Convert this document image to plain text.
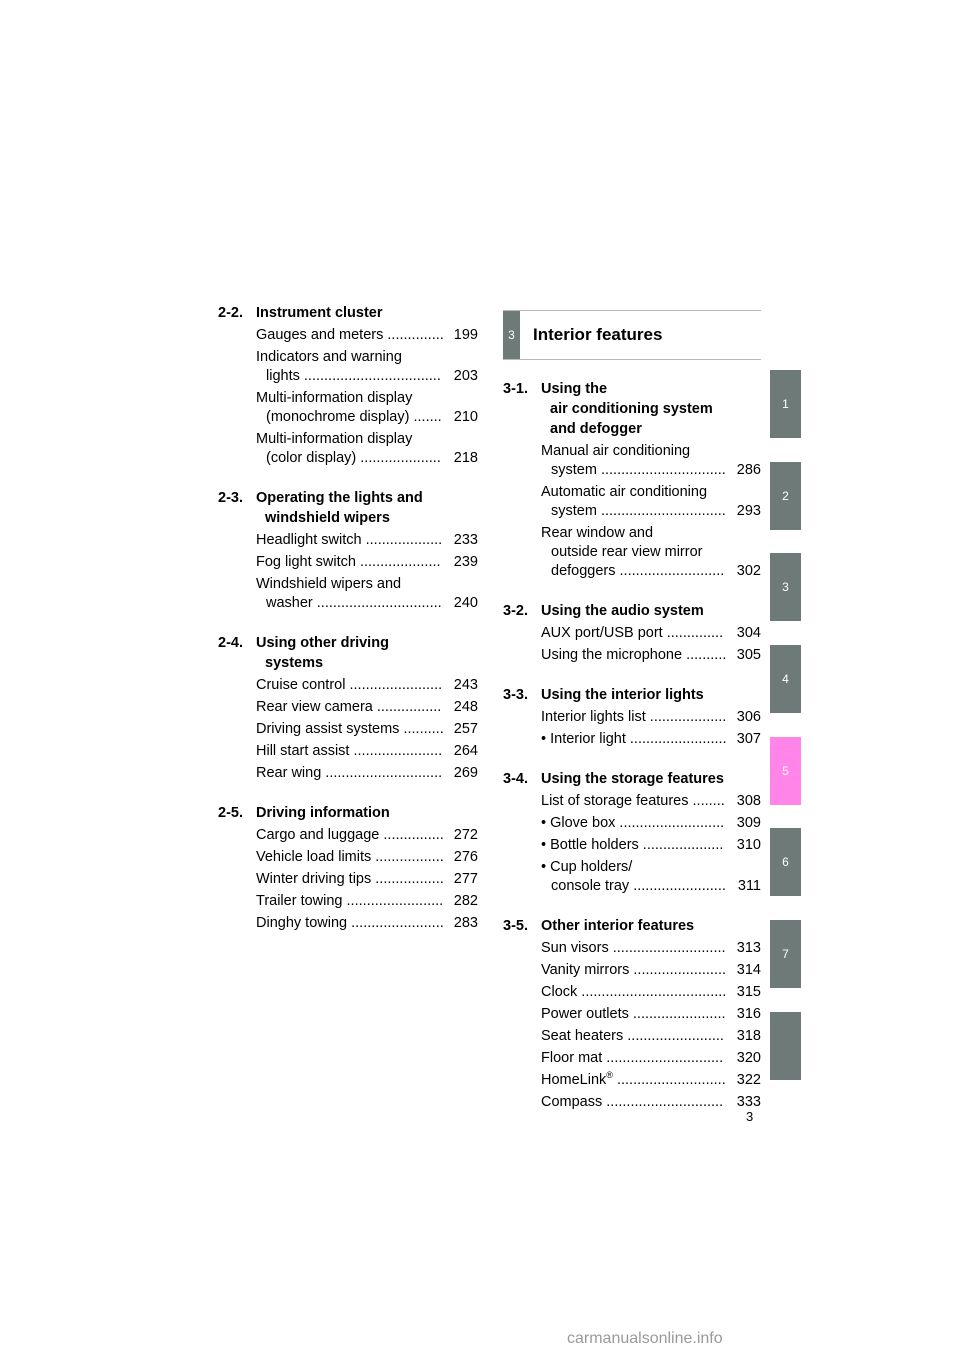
2-2. Instrument cluster
Gauges and meters .............. 199
Indicators and warning

lights .................................. 203
Multi-information display

(monochrome display) ....... 210
Multi-information display

(color display) .................... 218
2-3. Operating the lights and
windshield wipers
Headlight switch ................... 233
Fog light switch .................... 239
Windshield wipers and

washer ............................... 240
2-4. Using other driving
systems
Cruise control ....................... 243
Rear view camera ................ 248
Driving assist systems .......... 257
Hill start assist ...................... 264
Rear wing ............................. 269
2-5. Driving information
Cargo and luggage ............... 272
Vehicle load limits ................. 276
Winter driving tips ................. 277
Trailer towing ........................ 282
Dinghy towing ....................... 283
3	Interior features
3-1. Using the
air conditioning system
and defogger
Manual air conditioning

system ............................... 286
Automatic air conditioning

system ............................... 293
Rear window and

outside rear view mirror
defoggers .......................... 302
3-2. Using the audio system
AUX port/USB port .............. 304
Using the microphone .......... 305
3-3. Using the interior lights
Interior lights list ................... 306
• Interior light ........................ 307
3-4. Using the storage features
List of storage features ........ 308
• Glove box .......................... 309
• Bottle holders .................... 310
• Cup holders/

console tray ....................... 311
3-5. Other interior features
Sun visors ............................ 313
Vanity mirrors ....................... 314
Clock .................................... 315
Power outlets ....................... 316
Seat heaters ........................ 318
Floor mat ............................. 320
HomeLink® ........................... 322
Compass ............................. 333
1
2
3
4
5
6
7
3
carmanualsonline.info
